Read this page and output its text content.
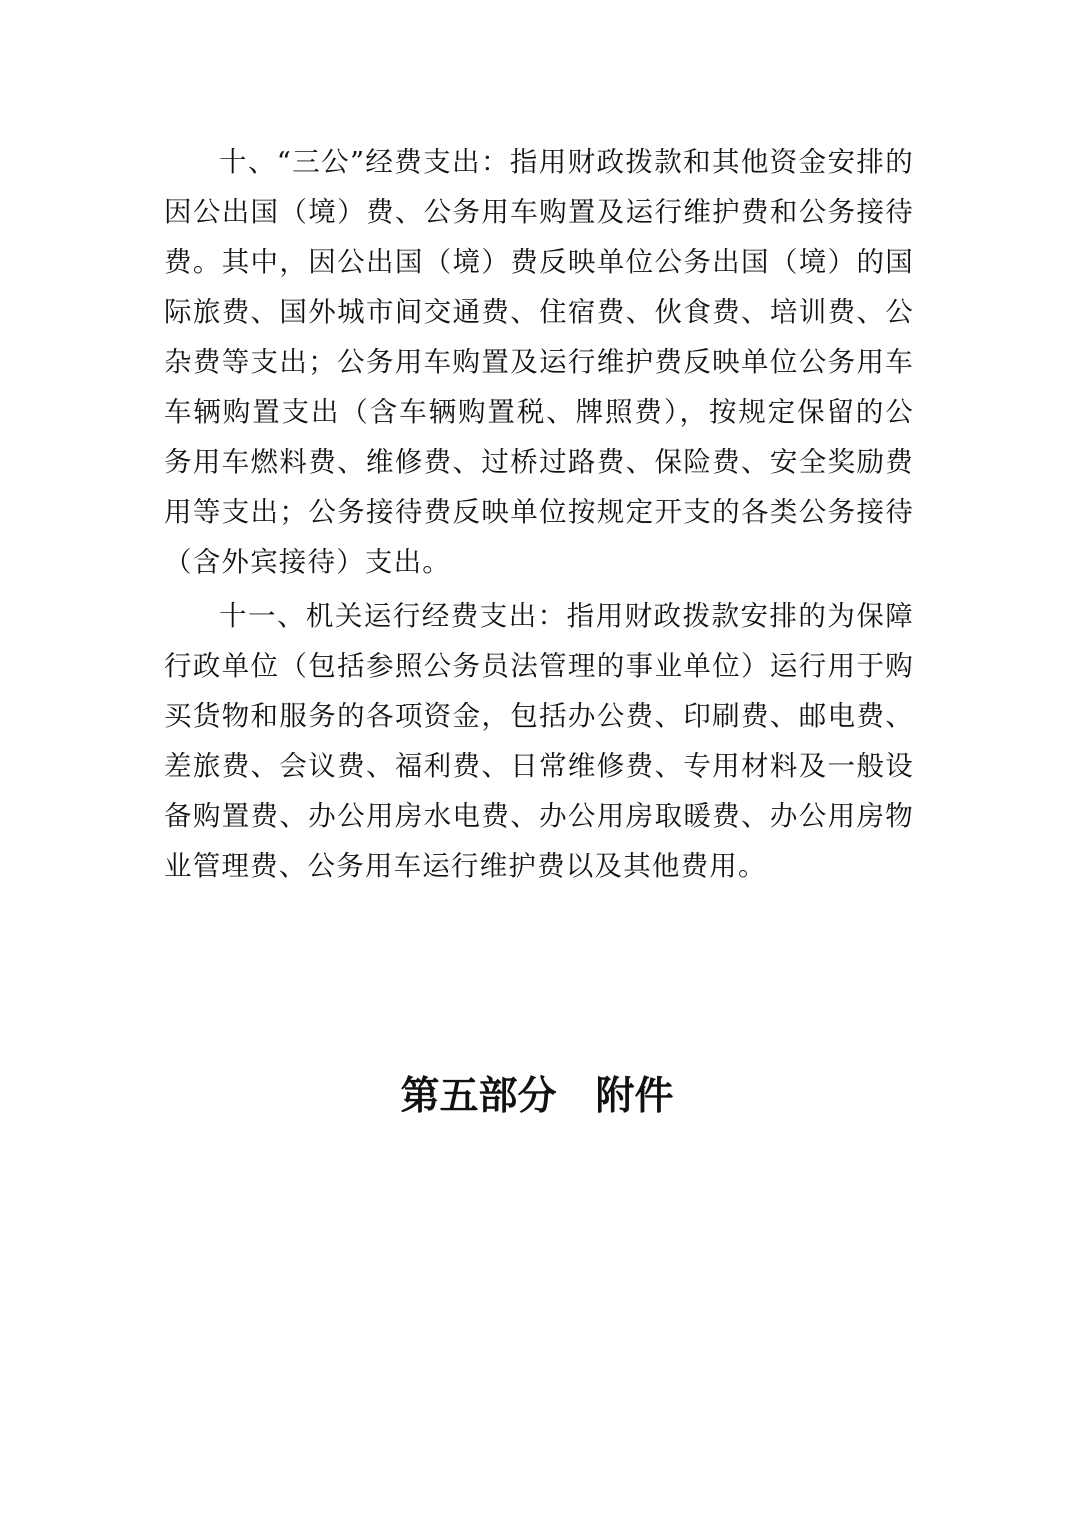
十、“三公”经费支出：指用财政拨款和其他资金安排的因公出国（境）费、公务用车购置及运行维护费和公务接待费。其中，因公出国（境）费反映单位公务出国（境）的国际旅费、国外城市间交通费、住宿费、伙食费、培训费、公杂费等支出；公务用车购置及运行维护费反映单位公务用车车辆购置支出（含车辆购置税、牌照费），按规定保留的公务用车燃料费、维修费、过桥过路费、保险费、安全奖励费用等支出；公务接待费反映单位按规定开支的各类公务接待（含外宾接待）支出。

十一、机关运行经费支出：指用财政拨款安排的为保障行政单位（包括参照公务员法管理的事业单位）运行用于购买货物和服务的各项资金，包括办公费、印刷费、邮电费、差旅费、会议费、福利费、日常维修费、专用材料及一般设备购置费、办公用房水电费、办公用房取暖费、办公用房物业管理费、公务用车运行维护费以及其他费用。

第五部分　附件
